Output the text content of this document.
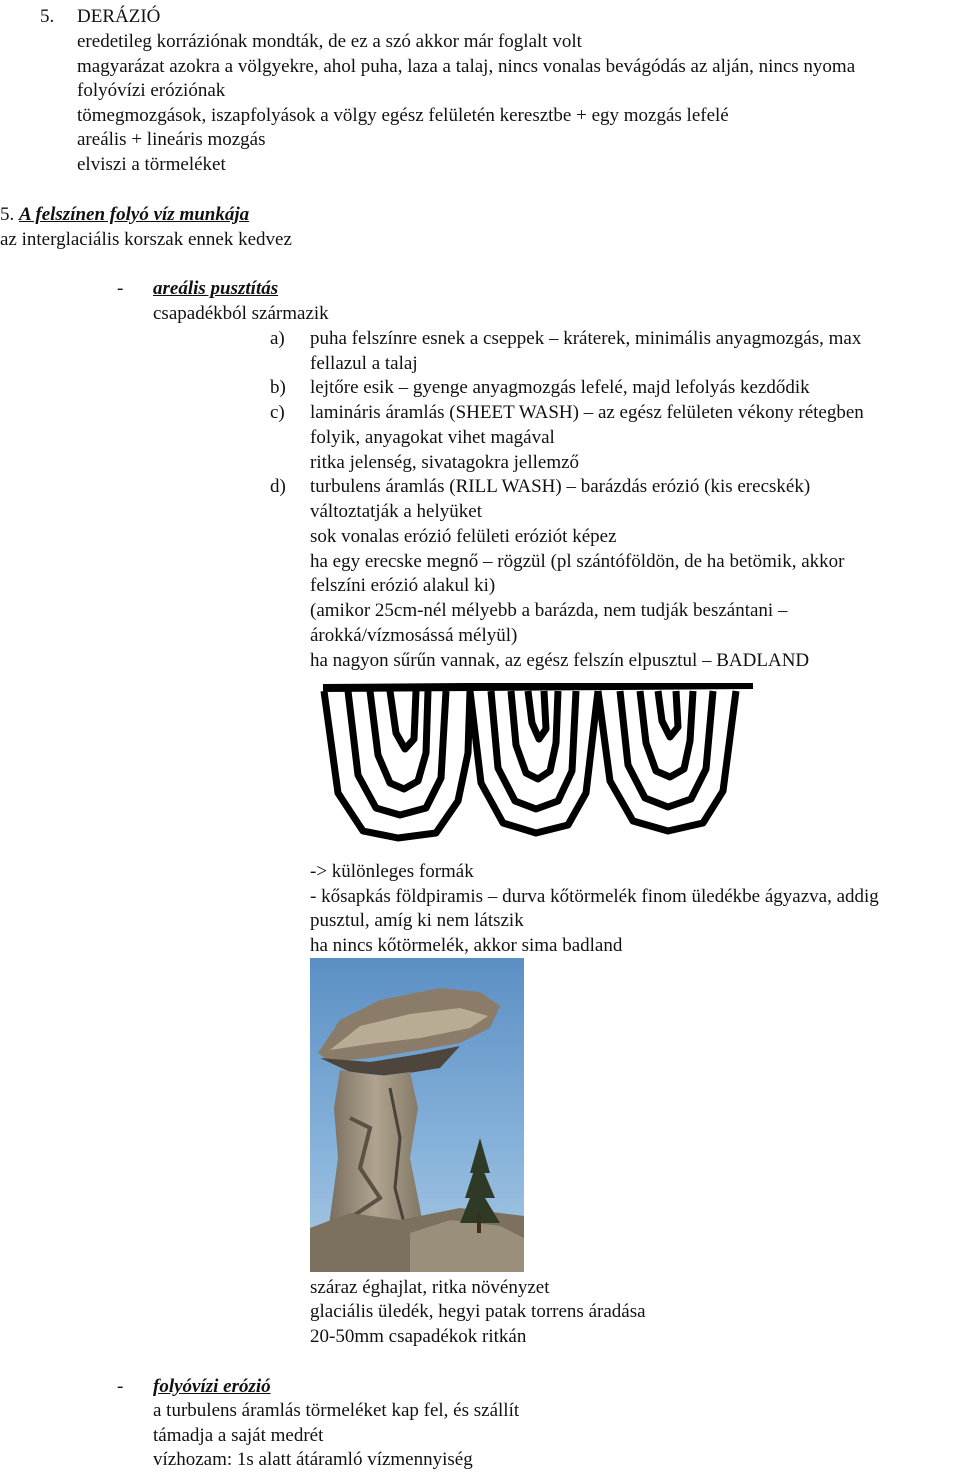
5. DERÁZIÓ
eredetileg korráziónak mondták, de ez a szó akkor már foglalt volt
magyarázat azokra a völgyekre, ahol puha, laza a talaj, nincs vonalas bevágódás az alján, nincs nyoma
folyóvízi eróziónak
tömegmozgások, iszapfolyások a völgy egész felületén keresztbe + egy mozgás lefelé
areális + lineáris mozgás
elviszi a törmeléket
5. A felszínen folyó víz munkája
az interglaciális korszak ennek kedvez
- areális pusztítás
csapadékból származik
a) puha felszínre esnek a cseppek – kráterek, minimális anyagmozgás, max
fellazul a talaj
b) lejtőre esik – gyenge anyagmozgás lefelé, majd lefolyás kezdődik
c) lamináris áramlás (SHEET WASH) – az egész felületen vékony rétegben
folyik, anyagokat vihet magával
ritka jelenség, sivatagokra jellemző
d) turbulens áramlás (RILL WASH) – barázdás erózió (kis erecskék)
változtatják a helyüket
sok vonalas erózió felületi eróziót képez
ha egy erecske megnő – rögzül (pl szántóföldön, de ha betömik, akkor
felszíni erózió alakul ki)
(amikor 25cm-nél mélyebb a barázda, nem tudják beszántani –
árokká/vízmosássá mélyül)
ha nagyon sűrűn vannak, az egész felszín elpusztul – BADLAND
-> különleges formák
- kősapkás földpiramis – durva kőtörmelék finom üledékbe ágyazva, addig
pusztul, amíg ki nem látszik
ha nincs kőtörmelék, akkor sima badland
száraz éghajlat, ritka növényzet
glaciális üledék, hegyi patak torrens áradása
20-50mm csapadékok ritkán
- folyóvízi erózió
a turbulens áramlás törmeléket kap fel, és szállít
támadja a saját medrét
vízhozam: 1s alatt átáramló vízmennyiség
